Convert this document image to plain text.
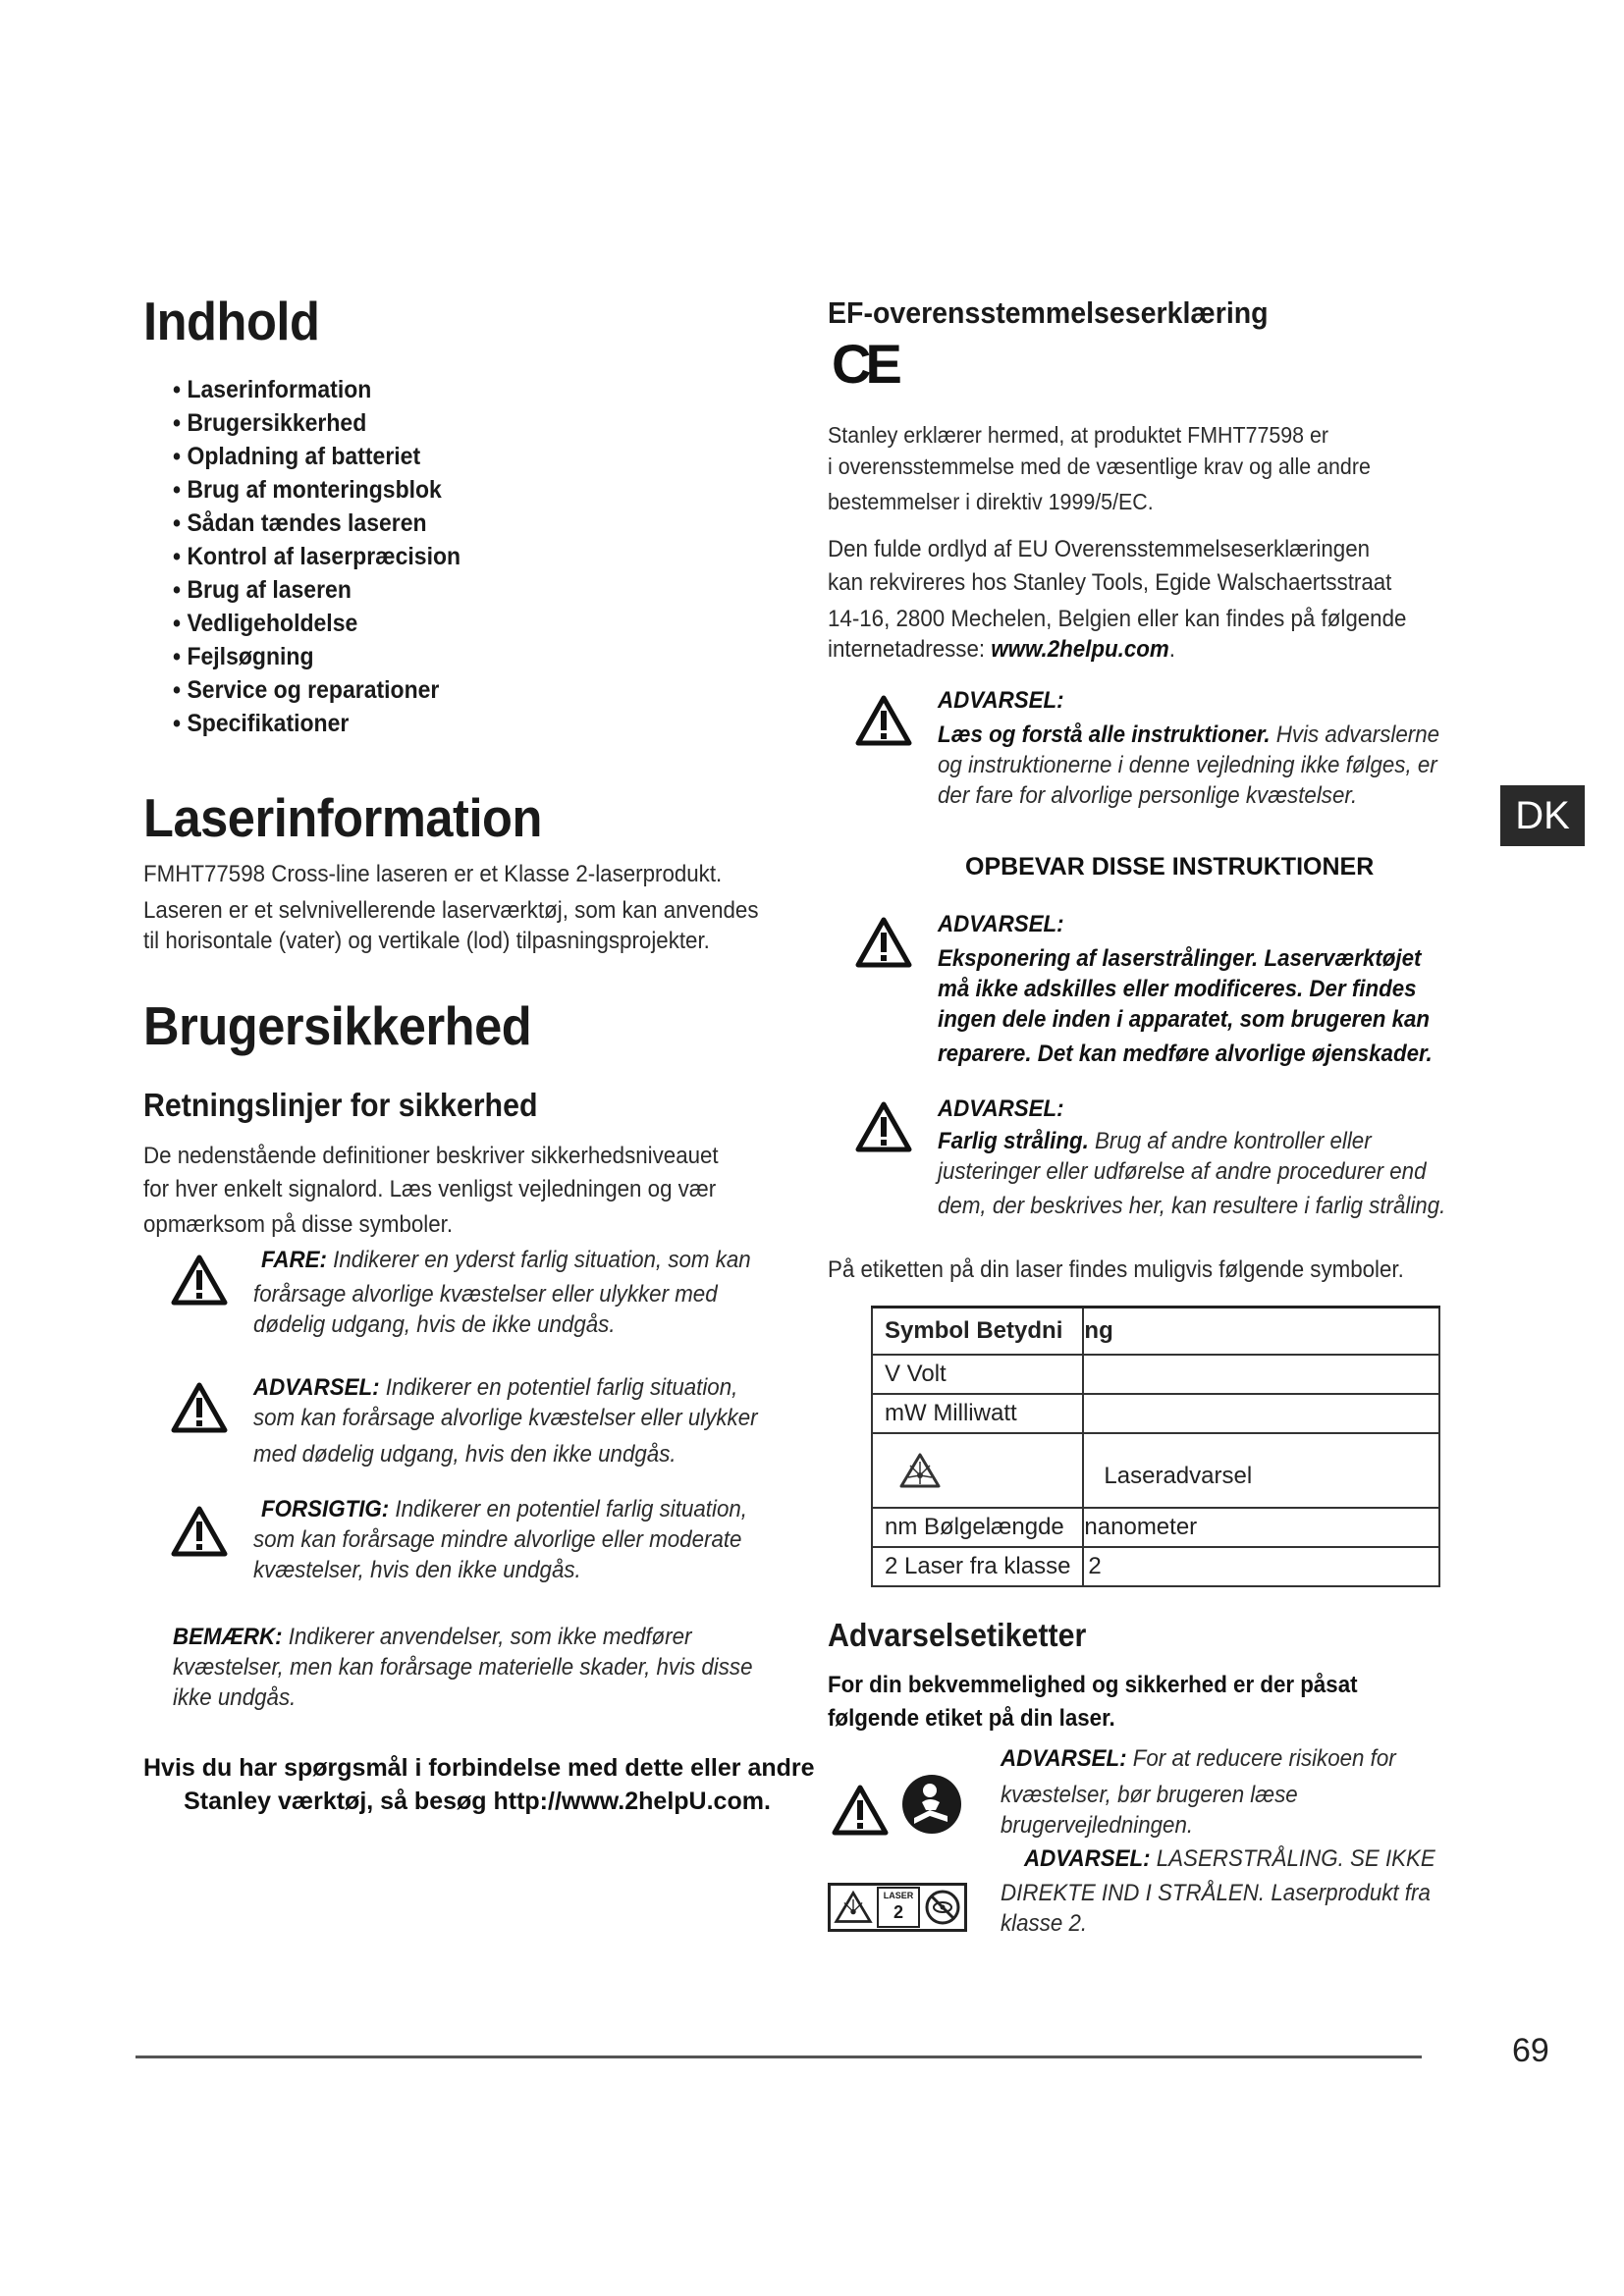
Indhold
• Laserinformation
• Brugersikkerhed
• Opladning af batteriet
• Brug af monteringsblok
• Sådan tændes laseren
• Kontrol af laserpræcision
• Brug af laseren
• Vedligeholdelse
• Fejlsøgning
• Service og reparationer
• Specifikationer
Laserinformation
FMHT77598 Cross-line laseren er et Klasse 2-laserprodukt.
Laseren er et selvnivellerende laserværktøj, som kan anvendes
til horisontale (vater) og vertikale (lod) tilpasningsprojekter.
Brugersikkerhed
Retningslinjer for sikkerhed
De nedenstående definitioner beskriver sikkerhedsniveauet
for hver enkelt signalord. Læs venligst vejledningen og vær
opmærksom på disse symboler.
FARE: Indikerer en yderst farlig situation, som kan
forårsage alvorlige kvæstelser eller ulykker med
dødelig udgang, hvis de ikke undgås.
ADVARSEL: Indikerer en potentiel farlig situation,
som kan forårsage alvorlige kvæstelser eller ulykker
med dødelig udgang, hvis den ikke undgås.
FORSIGTIG: Indikerer en potentiel farlig situation,
som kan forårsage mindre alvorlige eller moderate
kvæstelser, hvis den ikke undgås.
BEMÆRK: Indikerer anvendelser, som ikke medfører
kvæstelser, men kan forårsage materielle skader, hvis disse
ikke undgås.
Hvis du har spørgsmål i forbindelse med dette eller andre
Stanley værktøj, så besøg http://www.2helpU.com.
EF-overensstemmelseserklæring
CE
Stanley erklærer hermed, at produktet FMHT77598 er
i overensstemmelse med de væsentlige krav og alle andre
bestemmelser i direktiv 1999/5/EC.
Den fulde ordlyd af EU Overensstemmelseserklæringen
kan rekvireres hos Stanley Tools, Egide Walschaertsstraat
14-16, 2800 Mechelen, Belgien eller kan findes på følgende
internetadresse: www.2helpu.com.
ADVARSEL:
Læs og forstå alle instruktioner. Hvis advarslerne
og instruktionerne i denne vejledning ikke følges, er
der fare for alvorlige personlige kvæstelser.
OPBEVAR DISSE INSTRUKTIONER
ADVARSEL:
Eksponering af laserstrålinger. Laserværktøjet
må ikke adskilles eller modificeres. Der findes
ingen dele inden i apparatet, som brugeren kan
reparere. Det kan medføre alvorlige øjenskader.
ADVARSEL:
Farlig stråling. Brug af andre kontroller eller
justeringer eller udførelse af andre procedurer end
dem, der beskrives her, kan resultere i farlig stråling.
På etiketten på din laser findes muligvis følgende symboler.
Symbol Betydni	ng
V Volt	
mW Milliwatt	
	Laseradvarsel
nm Bølgelængde	nanometer
2 Laser fra klasse	2
Advarselsetiketter
For din bekvemmelighed og sikkerhed er der påsat
følgende etiket på din laser.
ADVARSEL: For at reducere risikoen for
kvæstelser, bør brugeren læse
brugervejledningen.
LASER
2
ADVARSEL: LASERSTRÅLING. SE IKKE
DIREKTE IND I STRÅLEN. Laserprodukt fra
klasse 2.
DK
69
